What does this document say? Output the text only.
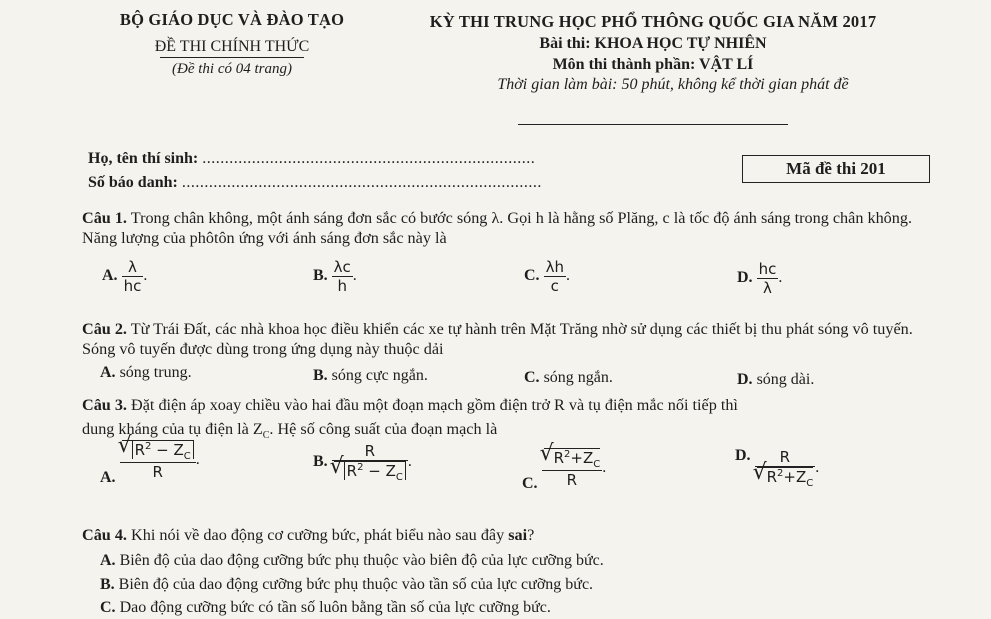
BỘ GIÁO DỤC VÀ ĐÀO TẠO
ĐỀ THI CHÍNH THỨC
(Đề thi có 04 trang)
KỲ THI TRUNG HỌC PHỔ THÔNG QUỐC GIA NĂM 2017
Bài thi: KHOA HỌC TỰ NHIÊN
Môn thi thành phần: VẬT LÍ
Thời gian làm bài: 50 phút, không kể thời gian phát đề
Họ, tên thí sinh: ..........................................................................
Số báo danh: ................................................................................
Mã đề thi 201
Câu 1. Trong chân không, một ánh sáng đơn sắc có bước sóng λ. Gọi h là hằng số Plăng, c là tốc độ ánh sáng trong chân không. Năng lượng của phôtôn ứng với ánh sáng đơn sắc này là
A. $\frac{\lambda}{hc}$ .	B. $\frac{\lambda c}{h}$ .	C. $\frac{\lambda h}{c}$ .	D. $\frac{hc}{\lambda}$ .
Câu 2. Từ Trái Đất, các nhà khoa học điều khiển các xe tự hành trên Mặt Trăng nhờ sử dụng các thiết bị thu phát sóng vô tuyến. Sóng vô tuyến được dùng trong ứng dụng này thuộc dải
A. sóng trung.	B. sóng cực ngắn.	C. sóng ngắn.	D. sóng dài.
Câu 3. Đặt điện áp xoay chiều vào hai đầu một đoạn mạch gồm điện trở R và tụ điện mắc nối tiếp thì
dung kháng của tụ điện là $Z_C$. Hệ số công suất của đoạn mạch là
A. √ $\frac{R^2 - Z_C}{R}$ .	B. R
√ $R^2 - Z_C$ .
C. √ $\frac{R^2+Z_C}{R}$ .
D. R
√ $R^2+Z_C$ .
Câu 4. Khi nói về dao động cơ cưỡng bức, phát biểu nào sau đây sai?
A. Biên độ của dao động cưỡng bức phụ thuộc vào biên độ của lực cưỡng bức.
B. Biên độ của dao động cưỡng bức phụ thuộc vào tần số của lực cưỡng bức.
C. Dao động cưỡng bức có tần số luôn bằng tần số của lực cưỡng bức.
